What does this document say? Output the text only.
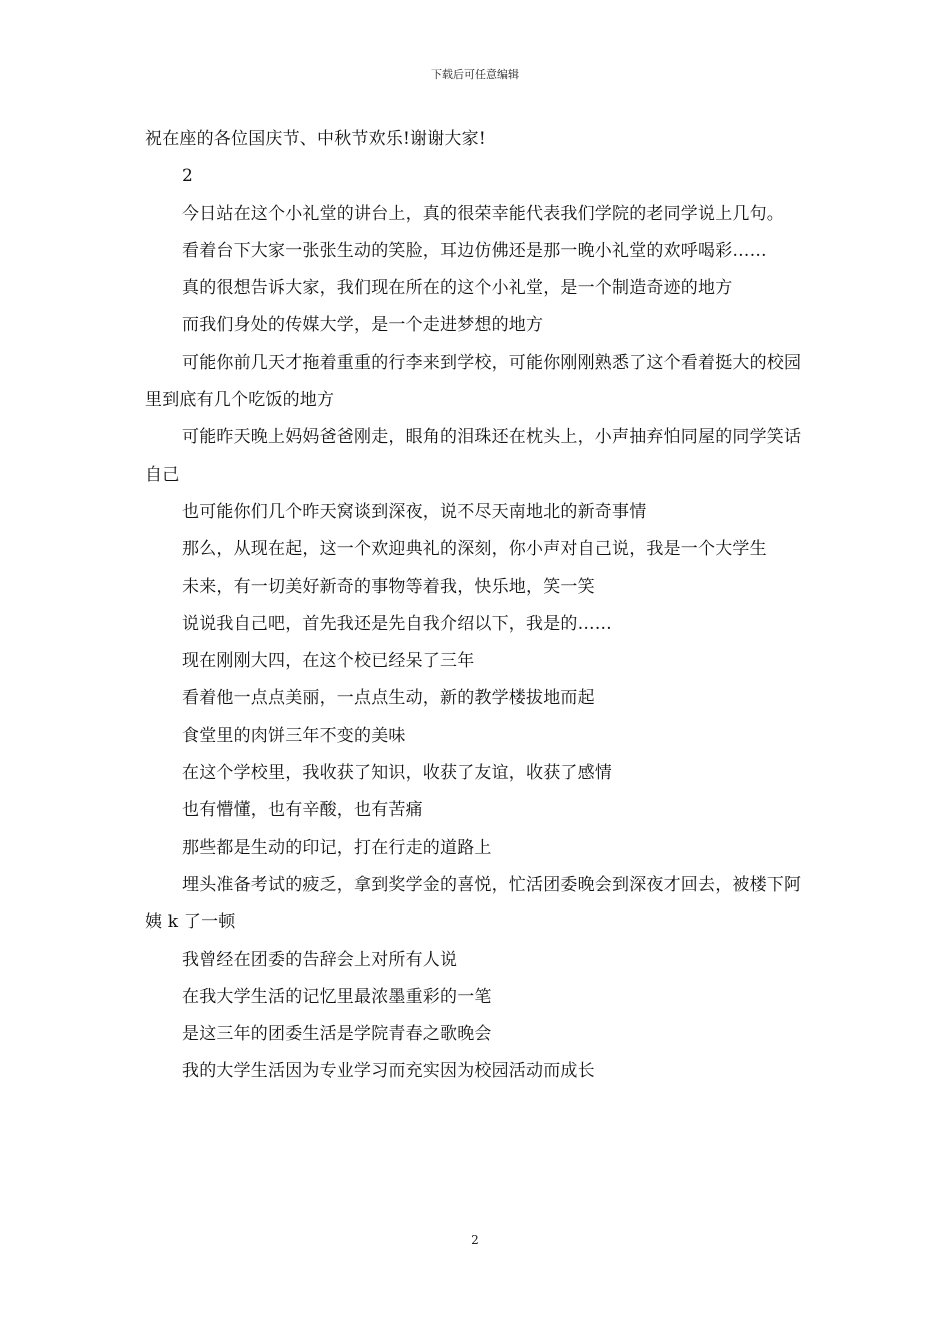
下载后可任意编辑

祝在座的各位国庆节、中秋节欢乐!谢谢大家!

2

今日站在这个小礼堂的讲台上，真的很荣幸能代表我们学院的老同学说上几句。

看着台下大家一张张生动的笑脸，耳边仿佛还是那一晚小礼堂的欢呼喝彩……

真的很想告诉大家，我们现在所在的这个小礼堂，是一个制造奇迹的地方

而我们身处的传媒大学，是一个走进梦想的地方

可能你前几天才拖着重重的行李来到学校，可能你刚刚熟悉了这个看着挺大的校园里到底有几个吃饭的地方

可能昨天晚上妈妈爸爸刚走，眼角的泪珠还在枕头上，小声抽弃怕同屋的同学笑话自己

也可能你们几个昨天窝谈到深夜，说不尽天南地北的新奇事情

那么，从现在起，这一个欢迎典礼的深刻，你小声对自己说，我是一个大学生

未来，有一切美好新奇的事物等着我，快乐地，笑一笑

说说我自己吧，首先我还是先自我介绍以下，我是的……

现在刚刚大四，在这个校已经呆了三年

看着他一点点美丽，一点点生动，新的教学楼拔地而起

食堂里的肉饼三年不变的美味

在这个学校里，我收获了知识，收获了友谊，收获了感情

也有懵懂，也有辛酸，也有苦痛

那些都是生动的印记，打在行走的道路上

埋头准备考试的疲乏，拿到奖学金的喜悦，忙活团委晚会到深夜才回去，被楼下阿姨 k 了一顿

我曾经在团委的告辞会上对所有人说

在我大学生活的记忆里最浓墨重彩的一笔

是这三年的团委生活是学院青春之歌晚会

我的大学生活因为专业学习而充实因为校园活动而成长

2
